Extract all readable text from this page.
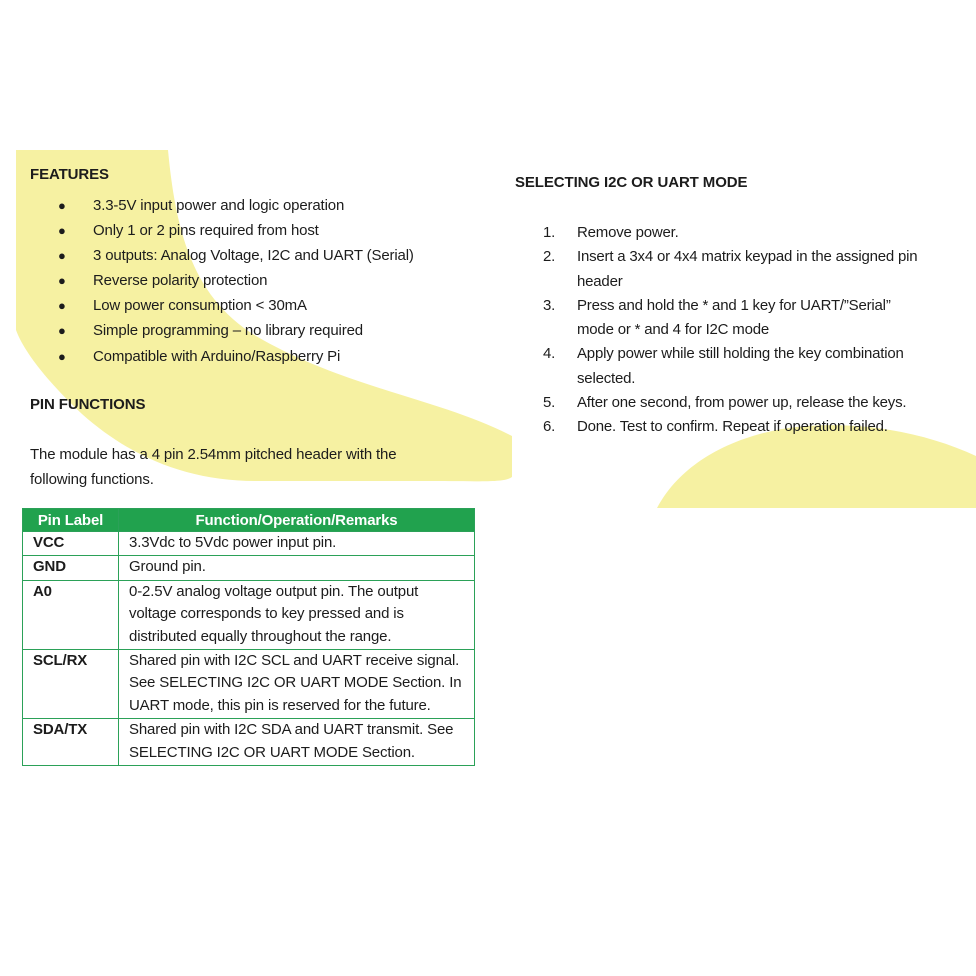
FEATURES
● 3.3-5V input power and logic operation
● Only 1 or 2 pins required from host
● 3 outputs: Analog Voltage, I2C and UART (Serial)
● Reverse polarity protection
● Low power consumption < 30mA
● Simple programming – no library required
● Compatible with Arduino/Raspberry Pi
PIN FUNCTIONS

The module has a 4 pin 2.54mm pitched header with the following functions.

Pin Label	Function/Operation/Remarks
VCC	3.3Vdc to 5Vdc power input pin.
GND	Ground pin.
A0	0-2.5V analog voltage output pin. The output voltage corresponds to key pressed and is distributed equally throughout the range.
SCL/RX	Shared pin with I2C SCL and UART receive signal. See SELECTING I2C OR UART MODE Section. In UART mode, this pin is reserved for the future.
SDA/TX	Shared pin with I2C SDA and UART transmit. See SELECTING I2C OR UART MODE Section.
SELECTING I2C OR UART MODE
Remove power.
Insert a 3x4 or 4x4 matrix keypad in the assigned pin header
Press and hold the * and 1 key for UART/”Serial” mode or * and 4 for I2C mode
Apply power while still holding the key combination selected.
After one second, from power up, release the keys.
Done. Test to confirm. Repeat if operation failed.
